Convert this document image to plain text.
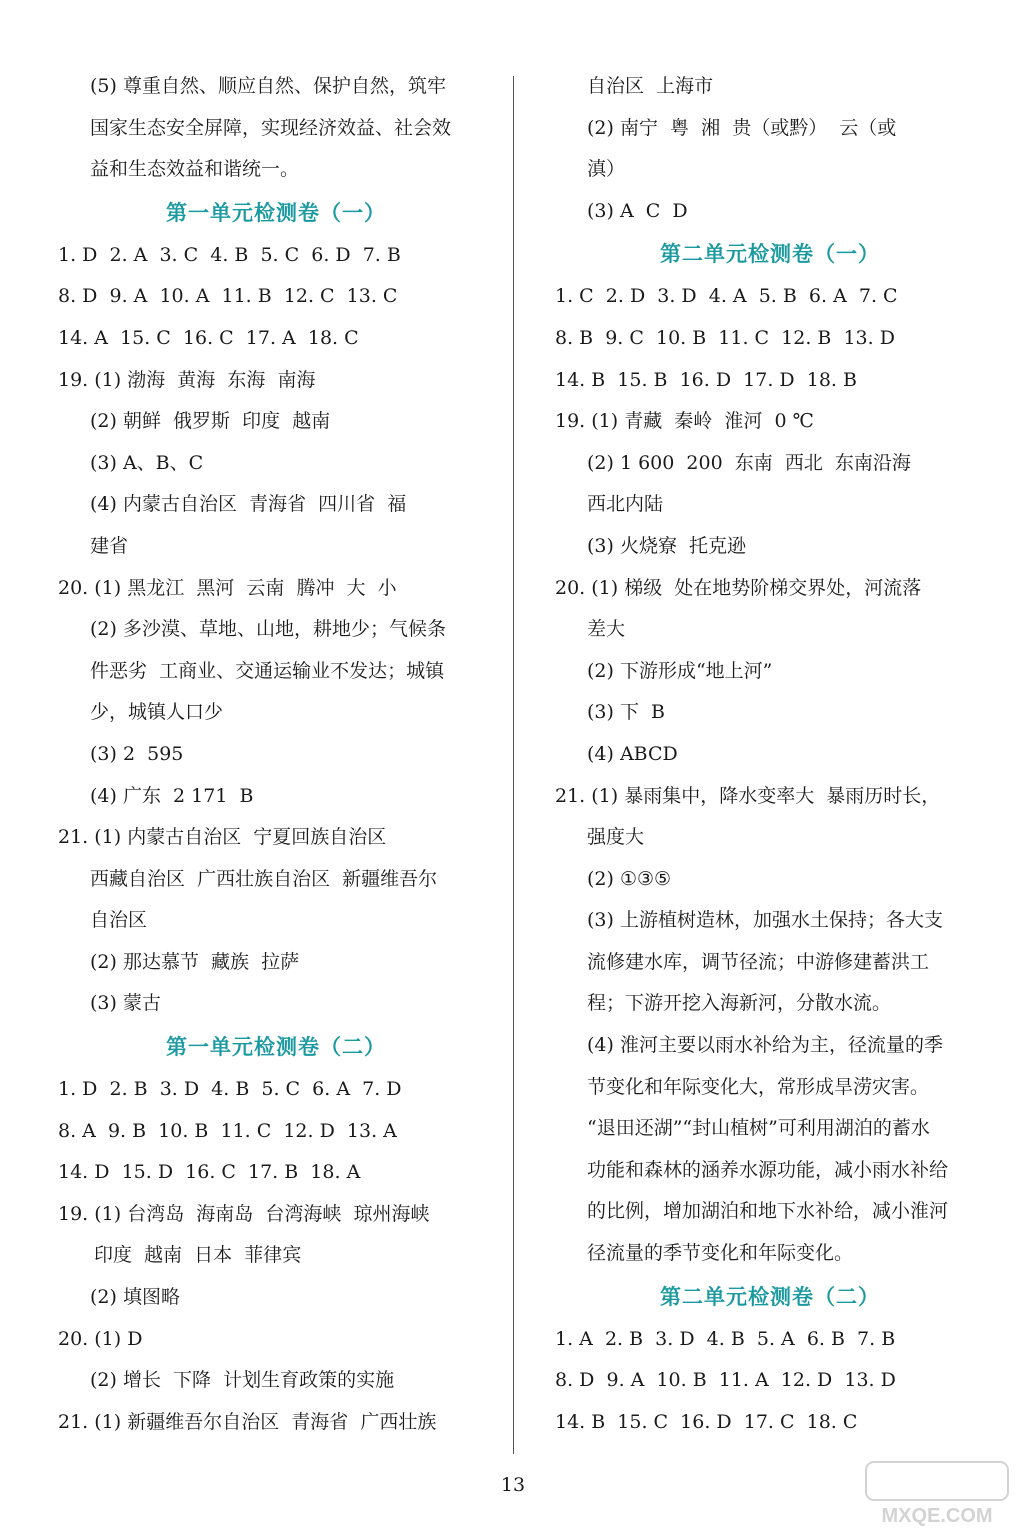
(5) 尊重自然、顺应自然、保护自然，筑牢
国家生态安全屏障，实现经济效益、社会效
益和生态效益和谐统一。
第一单元检测卷（一）
1. D  2. A  3. C  4. B  5. C  6. D  7. B
8. D  9. A  10. A  11. B  12. C  13. C
14. A  15. C  16. C  17. A  18. C
19. (1) 渤海  黄海  东海  南海
(2) 朝鲜  俄罗斯  印度  越南
(3) A、B、C
(4) 内蒙古自治区  青海省  四川省  福
建省
20. (1) 黑龙江  黑河  云南  腾冲  大  小
(2) 多沙漠、草地、山地，耕地少；气候条
件恶劣  工商业、交通运输业不发达；城镇
少，城镇人口少
(3) 2  595
(4) 广东  2 171  B
21. (1) 内蒙古自治区  宁夏回族自治区
西藏自治区  广西壮族自治区  新疆维吾尔
自治区
(2) 那达慕节  藏族  拉萨
(3) 蒙古
第一单元检测卷（二）
1. D  2. B  3. D  4. B  5. C  6. A  7. D
8. A  9. B  10. B  11. C  12. D  13. A
14. D  15. D  16. C  17. B  18. A
19. (1) 台湾岛  海南岛  台湾海峡  琼州海峡
印度  越南  日本  菲律宾
(2) 填图略
20. (1) D
(2) 增长  下降  计划生育政策的实施
21. (1) 新疆维吾尔自治区  青海省  广西壮族
自治区  上海市
(2) 南宁  粤  湘  贵（或黔）  云（或
滇）
(3) A  C  D
第二单元检测卷（一）
1. C  2. D  3. D  4. A  5. B  6. A  7. C
8. B  9. C  10. B  11. C  12. B  13. D
14. B  15. B  16. D  17. D  18. B
19. (1) 青藏  秦岭  淮河  0 ℃
(2) 1 600  200  东南  西北  东南沿海
西北内陆
(3) 火烧寮  托克逊
20. (1) 梯级  处在地势阶梯交界处，河流落
差大
(2) 下游形成“地上河”
(3) 下  B
(4) ABCD
21. (1) 暴雨集中，降水变率大  暴雨历时长，
强度大
(2) ①③⑤
(3) 上游植树造林，加强水土保持；各大支
流修建水库，调节径流；中游修建蓄洪工
程；下游开挖入海新河，分散水流。
(4) 淮河主要以雨水补给为主，径流量的季
节变化和年际变化大，常形成旱涝灾害。
“退田还湖”“封山植树”可利用湖泊的蓄水
功能和森林的涵养水源功能，减小雨水补给
的比例，增加湖泊和地下水补给，减小淮河
径流量的季节变化和年际变化。
第二单元检测卷（二）
1. A  2. B  3. D  4. B  5. A  6. B  7. B
8. D  9. A  10. B  11. A  12. D  13. D
14. B  15. C  16. D  17. C  18. C
13
MXQE.COM
